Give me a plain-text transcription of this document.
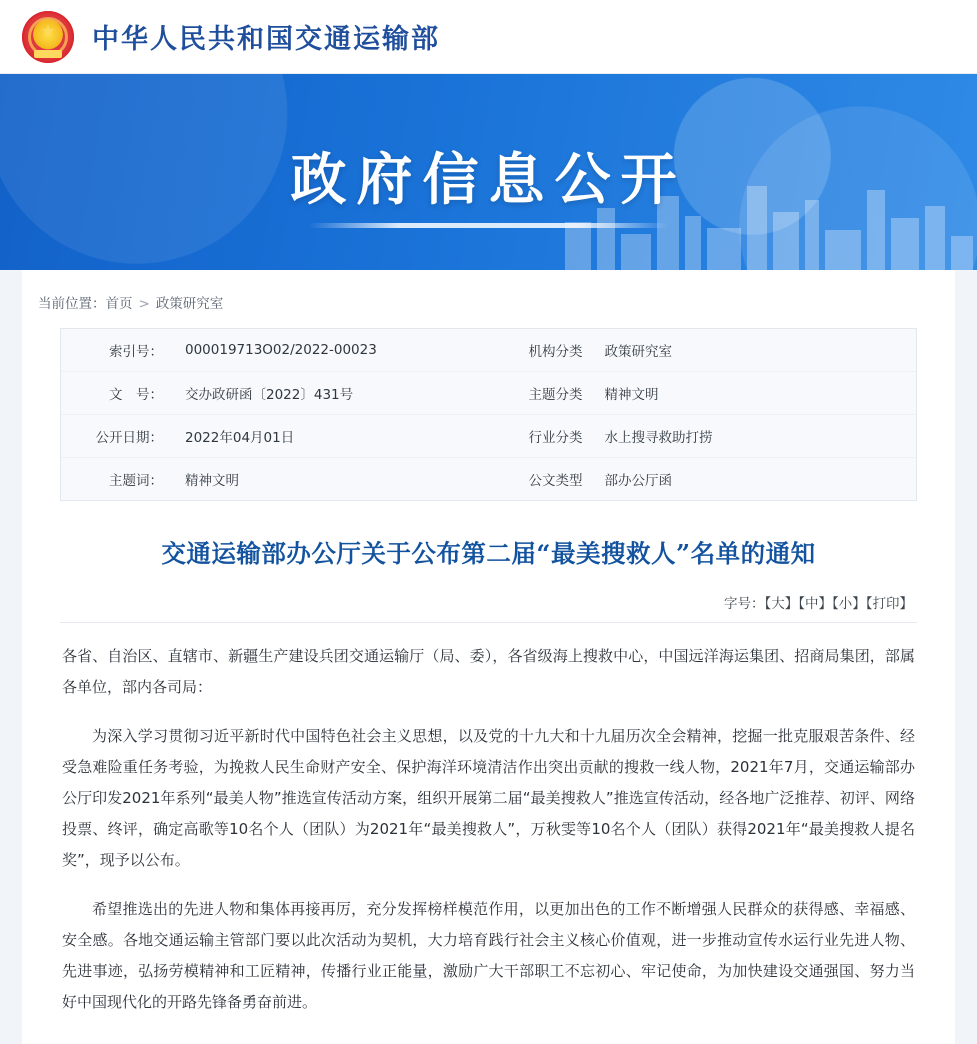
★ 中华人民共和国交通运输部
政府信息公开
当前位置：首页 > 政策研究室
索引号：	000019713O02/2022-00023	机构分类	政策研究室
文　号：	交办政研函〔2022〕431号	主题分类	精神文明
公开日期：	2022年04月01日	行业分类	水上搜寻救助打捞
主题词：	精神文明	公文类型	部办公厅函
交通运输部办公厅关于公布第二届“最美搜救人”名单的通知
字号：【大】【中】【小】【打印】

各省、自治区、直辖市、新疆生产建设兵团交通运输厅（局、委），各省级海上搜救中心，中国远洋海运集团、招商局集团，部属各单位，部内各司局：

为深入学习贯彻习近平新时代中国特色社会主义思想，以及党的十九大和十九届历次全会精神，挖掘一批克服艰苦条件、经受急难险重任务考验，为挽救人民生命财产安全、保护海洋环境清洁作出突出贡献的搜救一线人物，2021年7月，交通运输部办公厅印发2021年系列“最美人物”推选宣传活动方案，组织开展第二届“最美搜救人”推选宣传活动，经各地广泛推荐、初评、网络投票、终评，确定高歌等10名个人（团队）为2021年“最美搜救人”，万秋雯等10名个人（团队）获得2021年“最美搜救人提名奖”，现予以公布。

希望推选出的先进人物和集体再接再厉，充分发挥榜样模范作用，以更加出色的工作不断增强人民群众的获得感、幸福感、安全感。各地交通运输主管部门要以此次活动为契机，大力培育践行社会主义核心价值观，进一步推动宣传水运行业先进人物、先进事迹，弘扬劳模精神和工匠精神，传播行业正能量，激励广大干部职工不忘初心、牢记使命，为加快建设交通强国、努力当好中国现代化的开路先锋备勇奋前进。
